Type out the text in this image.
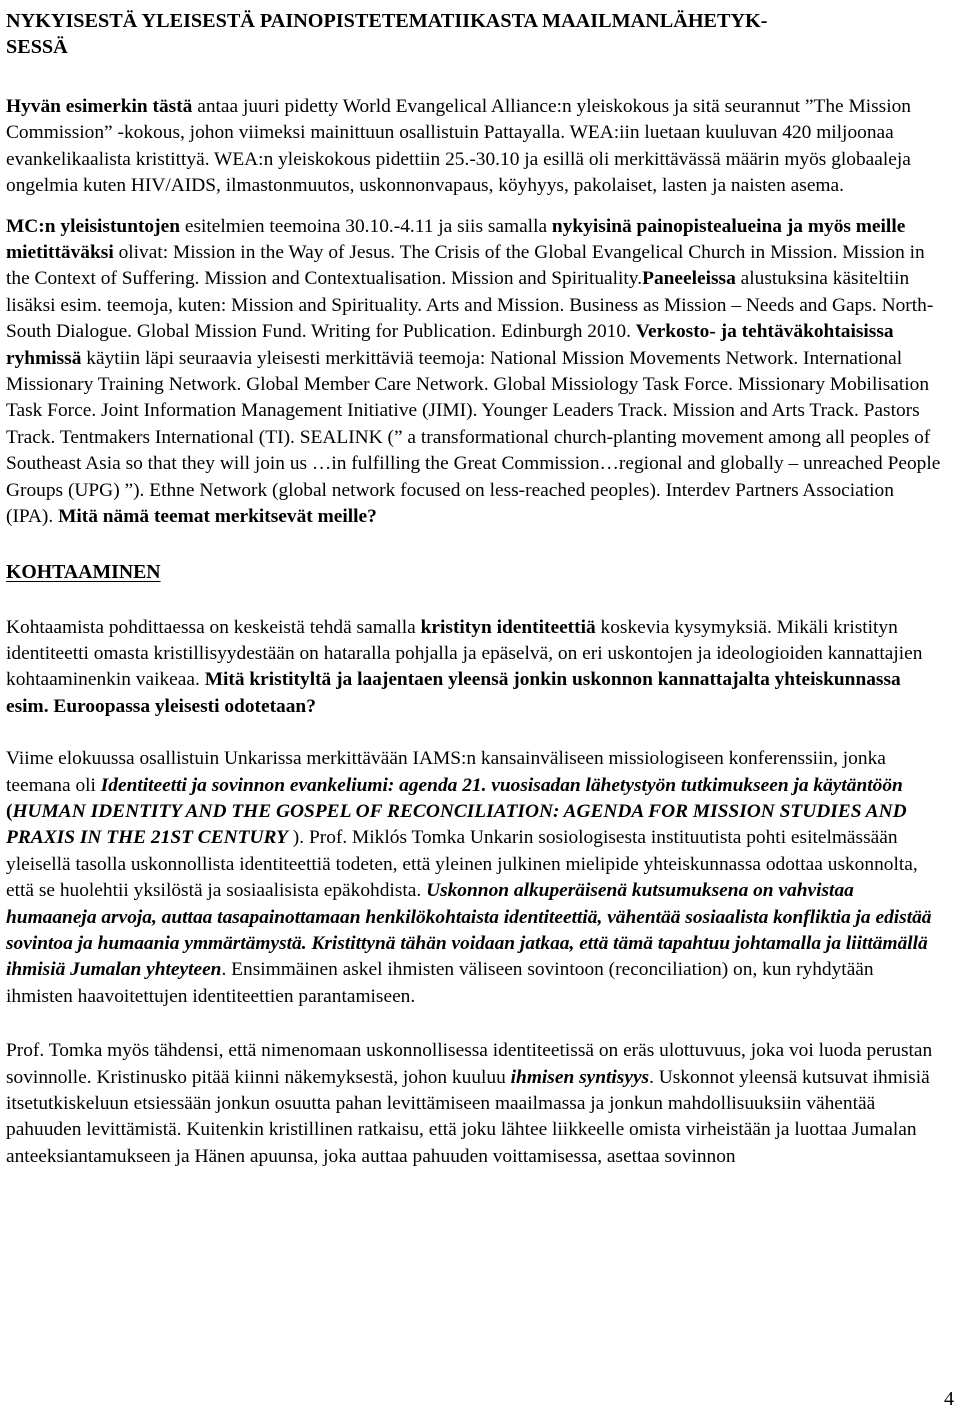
NYKYISESTÄ YLEISESTÄ PAINOPISTETEMATIIKASTA MAAILMANLÄHETYK-
SESSÄ

Hyvän esimerkin tästä antaa juuri pidetty World Evangelical Alliance:n yleiskokous ja sitä seurannut ”The Mission Commission” -kokous, johon viimeksi mainittuun osallistuin Pattayalla. WEA:iin luetaan kuuluvan 420 miljoonaa evankelikaalista kristittyä. WEA:n yleiskokous pidettiin 25.-30.10 ja esillä oli merkittävässä määrin myös globaaleja ongelmia kuten HIV/AIDS, ilmastonmuutos, uskonnonvapaus, köyhyys, pakolaiset, lasten ja naisten asema.

MC:n yleisistuntojen esitelmien teemoina 30.10.-4.11 ja siis samalla nykyisinä painopistealueina ja myös meille mietittäväksi olivat: Mission in the Way of Jesus. The Crisis of the Global Evangelical Church in Mission. Mission in the Context of Suffering. Mission and Contextualisation. Mission and Spirituality.Paneeleissa alustuksina käsiteltiin lisäksi esim. teemoja, kuten: Mission and Spirituality. Arts and Mission. Business as Mission – Needs and Gaps. North-South Dialogue. Global Mission Fund. Writing for Publication. Edinburgh 2010. Verkosto- ja tehtäväkohtaisissa ryhmissä käytiin läpi seuraavia yleisesti merkittäviä teemoja: National Mission Movements Network. International Missionary Training Network. Global Member Care Network. Global Missiology Task Force. Missionary Mobilisation Task Force. Joint Information Management Initiative (JIMI). Younger Leaders Track. Mission and Arts Track. Pastors Track. Tentmakers International (TI). SEALINK (” a transformational church-planting movement among all peoples of Southeast Asia so that they will join us …in fulfilling the Great Commission…regional and globally – unreached People Groups (UPG) ”). Ethne Network (global network focused on less-reached peoples). Interdev Partners Association (IPA). Mitä nämä teemat merkitsevät meille?

KOHTAAMINEN

Kohtaamista pohdittaessa on keskeistä tehdä samalla kristityn identiteettiä koskevia kysymyksiä. Mikäli kristityn identiteetti omasta kristillisyydestään on hataralla pohjalla ja epäselvä, on eri uskontojen ja ideologioiden kannattajien kohtaaminenkin vaikeaa. Mitä kristityltä ja laajentaen yleensä jonkin uskonnon kannattajalta yhteiskunnassa esim. Euroopassa yleisesti odotetaan?

Viime elokuussa osallistuin Unkarissa merkittävään IAMS:n kansainväliseen missiologiseen konferenssiin, jonka teemana oli Identiteetti ja sovinnon evankeliumi: agenda 21. vuosisadan lähetystyön tutkimukseen ja käytäntöön (HUMAN IDENTITY AND THE GOSPEL OF RECONCILIATION: AGENDA FOR MISSION STUDIES AND PRAXIS IN THE 21ST CENTURY ). Prof. Miklós Tomka Unkarin sosiologisesta instituutista pohti esitelmässään yleisellä tasolla uskonnollista identiteettiä todeten, että yleinen julkinen mielipide yhteiskunnassa odottaa uskonnolta, että se huolehtii yksilöstä ja sosiaalisista epäkohdista. Uskonnon alkuperäisenä kutsumuksena on vahvistaa humaaneja arvoja, auttaa tasapainottamaan henkilökohtaista identiteettiä, vähentää sosiaalista konfliktia ja edistää sovintoa ja humaania ymmärtämystä. Kristittynä tähän voidaan jatkaa, että tämä tapahtuu johtamalla ja liittämällä ihmisiä Jumalan yhteyteen. Ensimmäinen askel ihmisten väliseen sovintoon (reconciliation) on, kun ryhdytään ihmisten haavoitettujen identiteettien parantamiseen.

Prof. Tomka myös tähdensi, että nimenomaan uskonnollisessa identiteetissä on eräs ulottuvuus, joka voi luoda perustan sovinnolle. Kristinusko pitää kiinni näkemyksestä, johon kuuluu ihmisen syntisyys. Uskonnot yleensä kutsuvat ihmisiä itsetutkiskeluun etsiessään jonkun osuutta pahan levittämiseen maailmassa ja jonkun mahdollisuuksiin vähentää pahuuden levittämistä. Kuitenkin kristillinen ratkaisu, että joku lähtee liikkeelle omista virheistään ja luottaa Jumalan anteeksiantamukseen ja Hänen apuunsa, joka auttaa pahuuden voittamisessa, asettaa sovinnon

4
